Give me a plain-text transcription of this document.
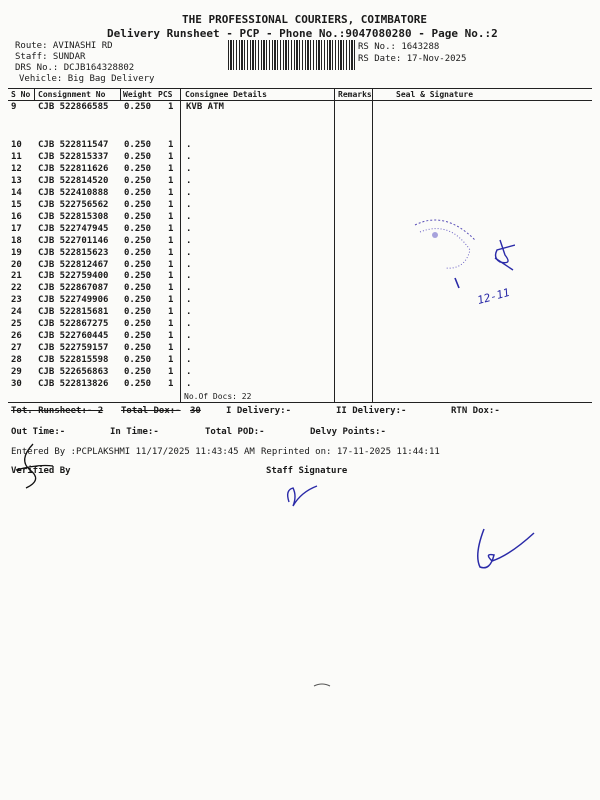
THE PROFESSIONAL COURIERS, COIMBATORE
Delivery Runsheet - PCP - Phone No.:9047080280 - Page No.:2
Route: AVINASHI RD
Staff: SUNDAR
DRS No.: DCJB164328802
Vehicle: Big Bag Delivery
RS No.: 1643288
RS Date: 17-Nov-2025
S No Consignment No Weight PCS Consignee Details	Remarks	Seal & Signature
9 CJB 522866585 0.250 1 KVB ATM
10 CJB 522811547 0.250 1 .
11 CJB 522815337 0.250 1 .
12 CJB 522811626 0.250 1 .
13 CJB 522814520 0.250 1 .
14 CJB 522410888 0.250 1 .
15 CJB 522756562 0.250 1 .
16 CJB 522815308 0.250 1 .
17 CJB 522747945 0.250 1 .
18 CJB 522701146 0.250 1 .
19 CJB 522815623 0.250 1 .
20 CJB 522812467 0.250 1 .
21 CJB 522759400 0.250 1 .
22 CJB 522867087 0.250 1 .
23 CJB 522749906 0.250 1 .
24 CJB 522815681 0.250 1 .
25 CJB 522867275 0.250 1 .
26 CJB 522760445 0.250 1 .
27 CJB 522759157 0.250 1 .
28 CJB 522815598 0.250 1 .
29 CJB 522656863 0.250 1 .
30 CJB 522813826 0.250 1 .
No.Of Docs: 22
Tot. Runsheet:- 2 Total Dox:- 30	I Delivery:-	II Delivery:-	RTN Dox:-
Out Time:-	In Time:-	Total POD:-	Delvy Points:-
Entered By :PCPLAKSHMI 11/17/2025 11:43:45 AM Reprinted on: 17-11-2025 11:44:11
Verified By	Staff Signature
12-11
